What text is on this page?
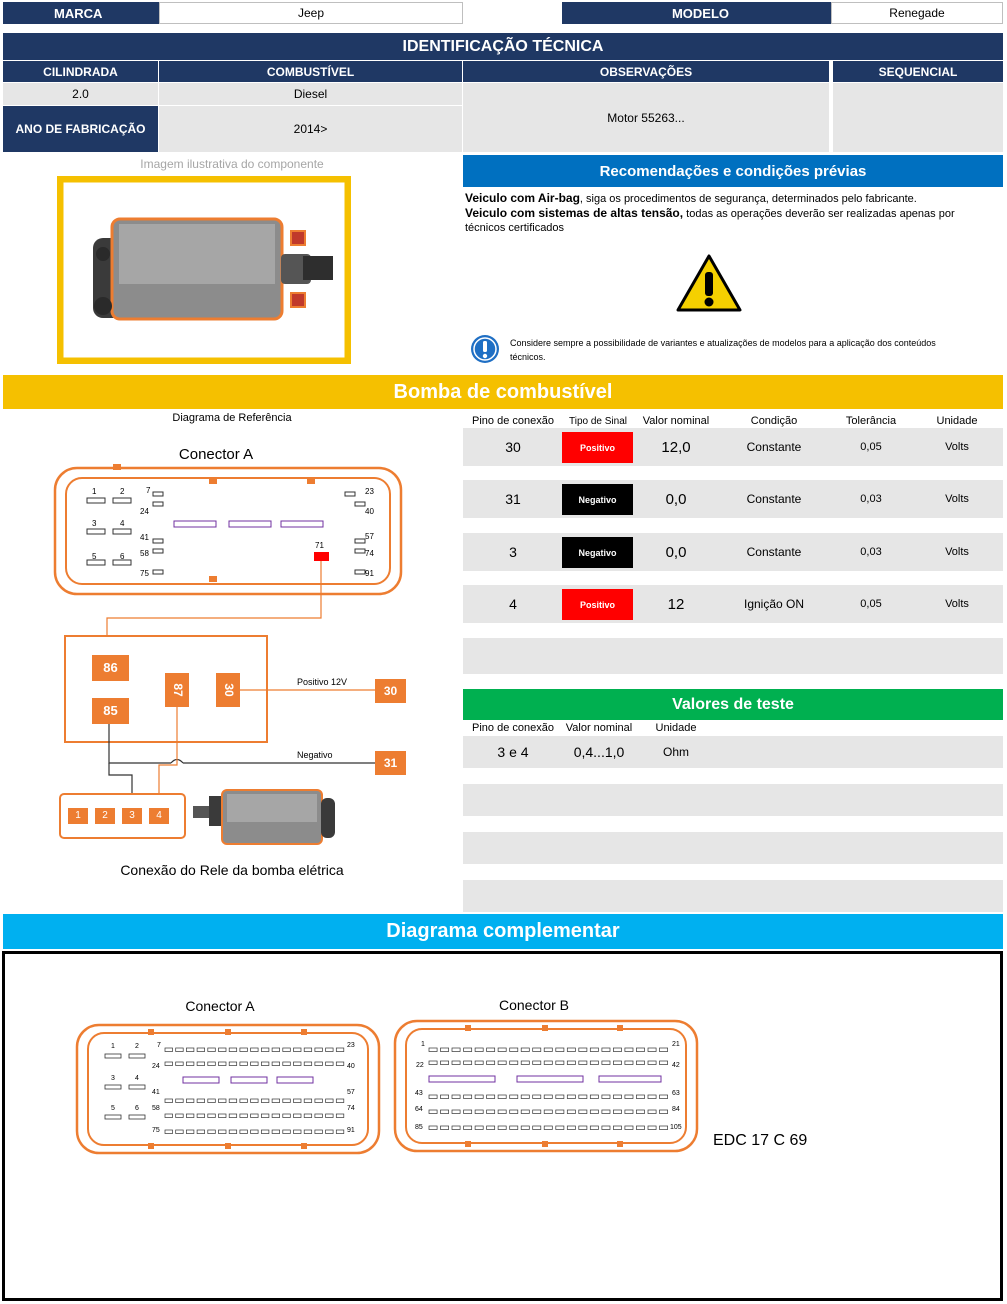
MARCA	Jeep	MODELO	Renegade
IDENTIFICAÇÃO TÉCNICA
CILINDRADA	COMBUSTÍVEL	OBSERVAÇÕES	SEQUENCIAL
2.0	Diesel
Motor 55263...
ANO DE FABRICAÇÃO	2014>
Imagem ilustrativa do componente	Recomendações e condições prévias
Veiculo com Air-bag, siga os procedimentos de segurança, determinados pelo fabricante.
Veiculo com sistemas de altas tensão, todas as operações deverão ser realizadas apenas por técnicos certificados
Considere sempre a possibilidade de variantes e atualizações de modelos para a aplicação dos conteúdos técnicos.
Bomba de combustível
Diagrama de Referência	Pino de conexão	Tipo de Sinal	Valor nominal	Condição	Tolerância	Unidade
30	Positivo	12,0	Constante	0,05	Volts
31	Negativo	0,0	Constante	0,03	Volts
3	Negativo	0,0	Constante	0,03	Volts
4	Positivo	12	Ignição ON	0,05	Volts
Valores de teste
Pino de conexão	Valor nominal	Unidade
3 e 4	0,4...1,0	Ohm
Conector A
1	2	7
24
3	4
41
5	6 58
75
23
40
57
74
91
71
86
85
87	30
Positivo 12V
Negativo
30
31
1	2	3	4
Conexão do Rele da bomba elétrica
Diagrama complementar
Conector A	Conector B
1	2	7	23
24	40
3	4
41	57
5	6 58	74
75	91
1	21
22	42
43	63
64	84
85	105
EDC 17 C 69
